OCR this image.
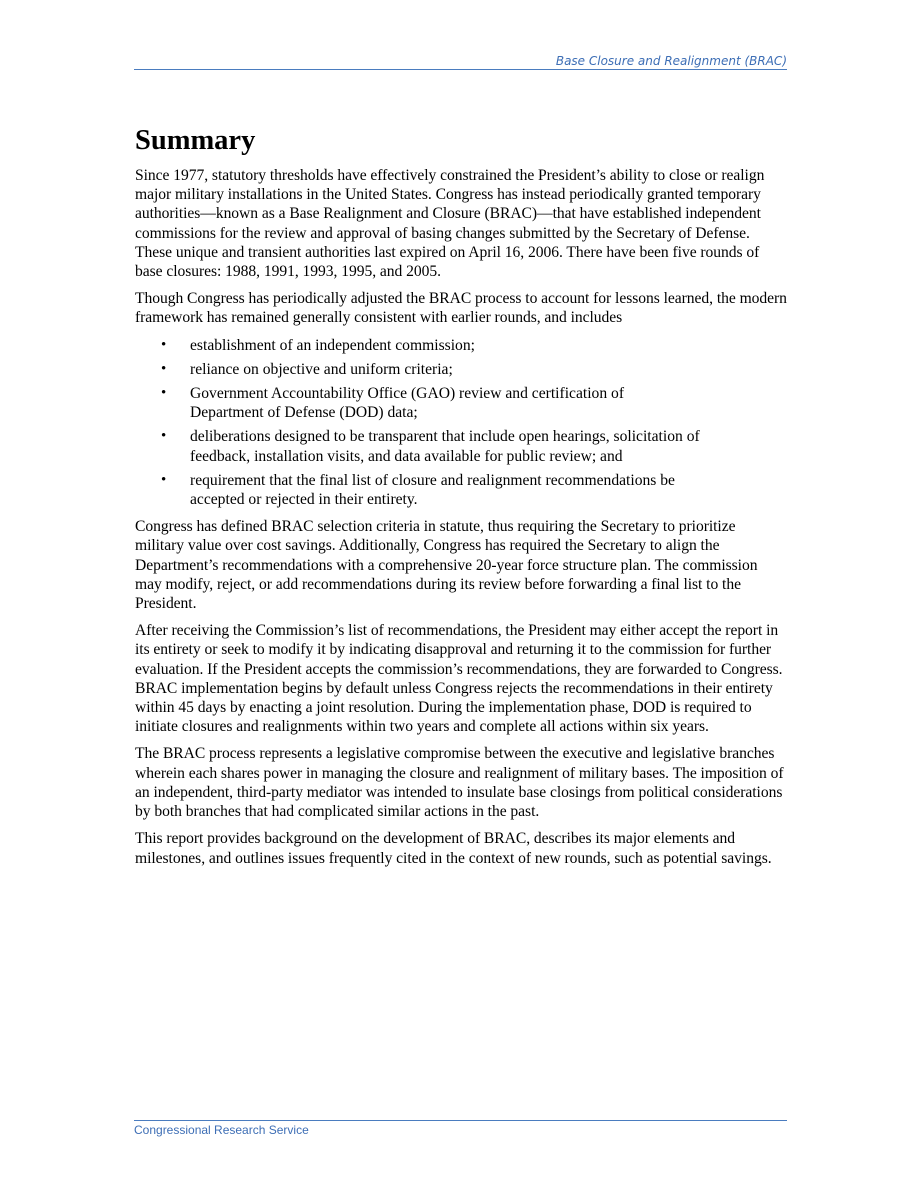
Base Closure and Realignment (BRAC)
Summary

Since 1977, statutory thresholds have effectively constrained the President’s ability to close or realign major military installations in the United States. Congress has instead periodically granted temporary authorities—known as a Base Realignment and Closure (BRAC)—that have established independent commissions for the review and approval of basing changes submitted by the Secretary of Defense. These unique and transient authorities last expired on April 16, 2006. There have been five rounds of base closures: 1988, 1991, 1993, 1995, and 2005.

Though Congress has periodically adjusted the BRAC process to account for lessons learned, the modern framework has remained generally consistent with earlier rounds, and includes

• establishment of an independent commission;
• reliance on objective and uniform criteria;
• Government Accountability Office (GAO) review and certification of
Department of Defense (DOD) data;
• deliberations designed to be transparent that include open hearings, solicitation of
feedback, installation visits, and data available for public review; and
• requirement that the final list of closure and realignment recommendations be
accepted or rejected in their entirety.

Congress has defined BRAC selection criteria in statute, thus requiring the Secretary to prioritize military value over cost savings. Additionally, Congress has required the Secretary to align the Department’s recommendations with a comprehensive 20-year force structure plan. The commission may modify, reject, or add recommendations during its review before forwarding a final list to the President.

After receiving the Commission’s list of recommendations, the President may either accept the report in its entirety or seek to modify it by indicating disapproval and returning it to the commission for further evaluation. If the President accepts the commission’s recommendations, they are forwarded to Congress. BRAC implementation begins by default unless Congress rejects the recommendations in their entirety within 45 days by enacting a joint resolution. During the implementation phase, DOD is required to initiate closures and realignments within two years and complete all actions within six years.

The BRAC process represents a legislative compromise between the executive and legislative branches wherein each shares power in managing the closure and realignment of military bases. The imposition of an independent, third-party mediator was intended to insulate base closings from political considerations by both branches that had complicated similar actions in the past.

This report provides background on the development of BRAC, describes its major elements and milestones, and outlines issues frequently cited in the context of new rounds, such as potential savings.

Congressional Research Service
